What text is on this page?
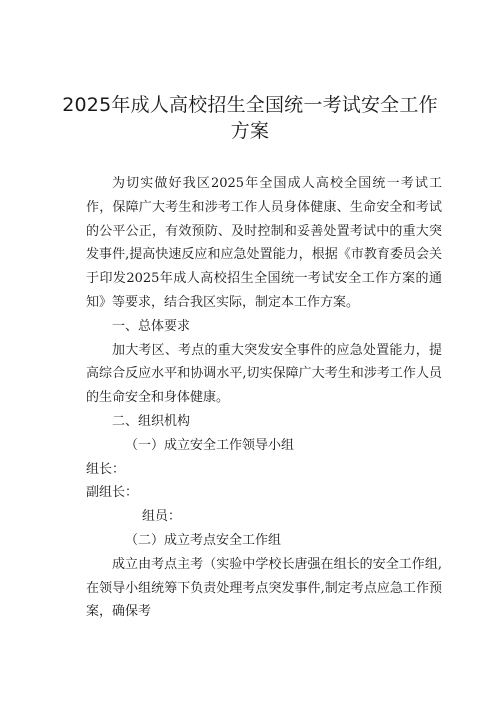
2025年成人高校招生全国统一考试安全工作方案

为切实做好我区2025年全国成人高校全国统一考试工作，保障广大考生和涉考工作人员身体健康、生命安全和考试的公平公正，有效预防、及时控制和妥善处置考试中的重大突发事件,提高快速反应和应急处置能力，根据《市教育委员会关于印发2025年成人高校招生全国统一考试安全工作方案的通知》等要求，结合我区实际，制定本工作方案。

一、总体要求

加大考区、考点的重大突发安全事件的应急处置能力，提高综合反应水平和协调水平,切实保障广大考生和涉考工作人员的生命安全和身体健康。

二、组织机构

（一）成立安全工作领导小组

组长：

副组长：

组员：

（二）成立考点安全工作组

成立由考点主考（实验中学校长唐强在组长的安全工作组,在领导小组统筹下负责处理考点突发事件,制定考点应急工作预案，确保考
